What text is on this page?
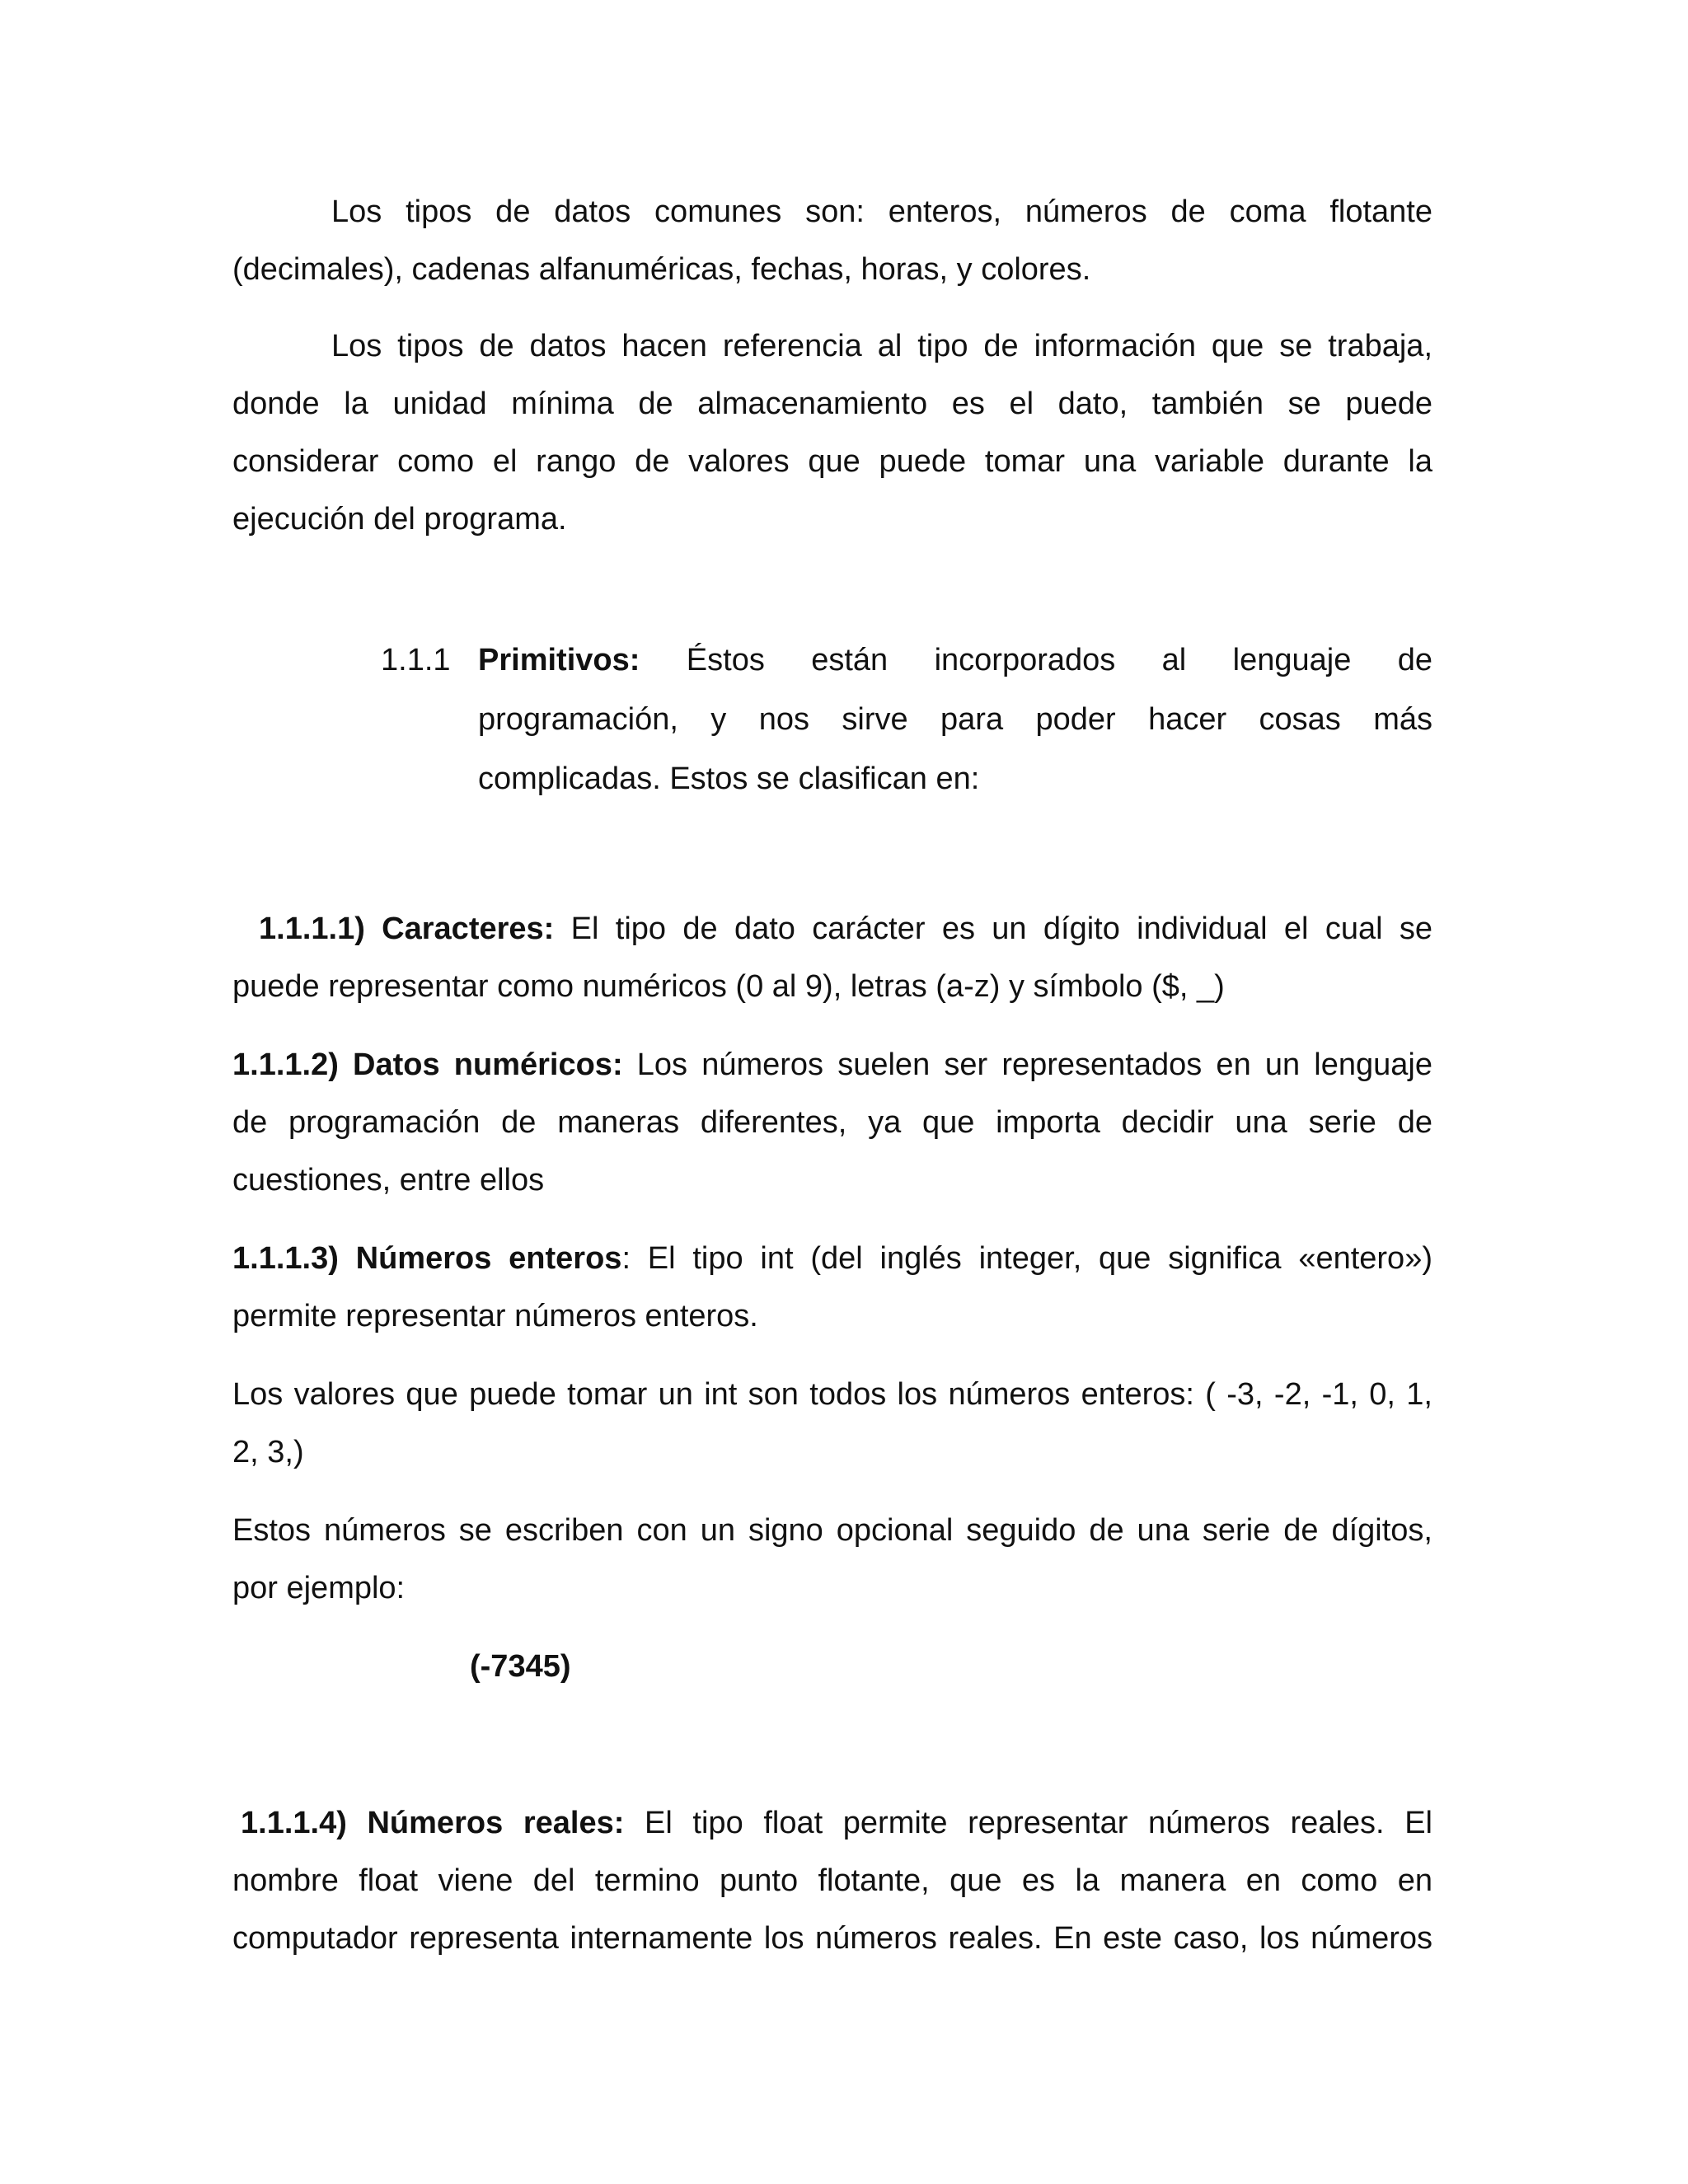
Los tipos de datos comunes son: enteros, números de coma flotante
(decimales), cadenas alfanuméricas, fechas, horas, y colores.

Los tipos de datos hacen referencia al tipo de información que se trabaja,
donde la unidad mínima de almacenamiento es el dato, también se puede
considerar como el rango de valores que puede tomar una variable durante la
ejecución del programa.

1.1.1 Primitivos: Éstos están incorporados al lenguaje de
programación, y nos sirve para poder hacer cosas más
complicadas. Estos se clasifican en:

1.1.1.1) Caracteres: El tipo de dato carácter es un dígito individual el cual se
puede representar como numéricos (0 al 9), letras (a-z) y símbolo ($, _)

1.1.1.2) Datos numéricos: Los números suelen ser representados en un lenguaje
de programación de maneras diferentes, ya que importa decidir una serie de
cuestiones, entre ellos

1.1.1.3) Números enteros: El tipo int (del inglés integer, que significa «entero»)
permite representar números enteros.

Los valores que puede tomar un int son todos los números enteros: ( -3, -2, -1, 0, 1,
2, 3,)

Estos números se escriben con un signo opcional seguido de una serie de dígitos,
por ejemplo:

(-7345)

1.1.1.4) Números reales: El tipo float permite representar números reales. El
nombre float viene del termino punto flotante, que es la manera en como en
computador representa internamente los números reales. En este caso, los números
